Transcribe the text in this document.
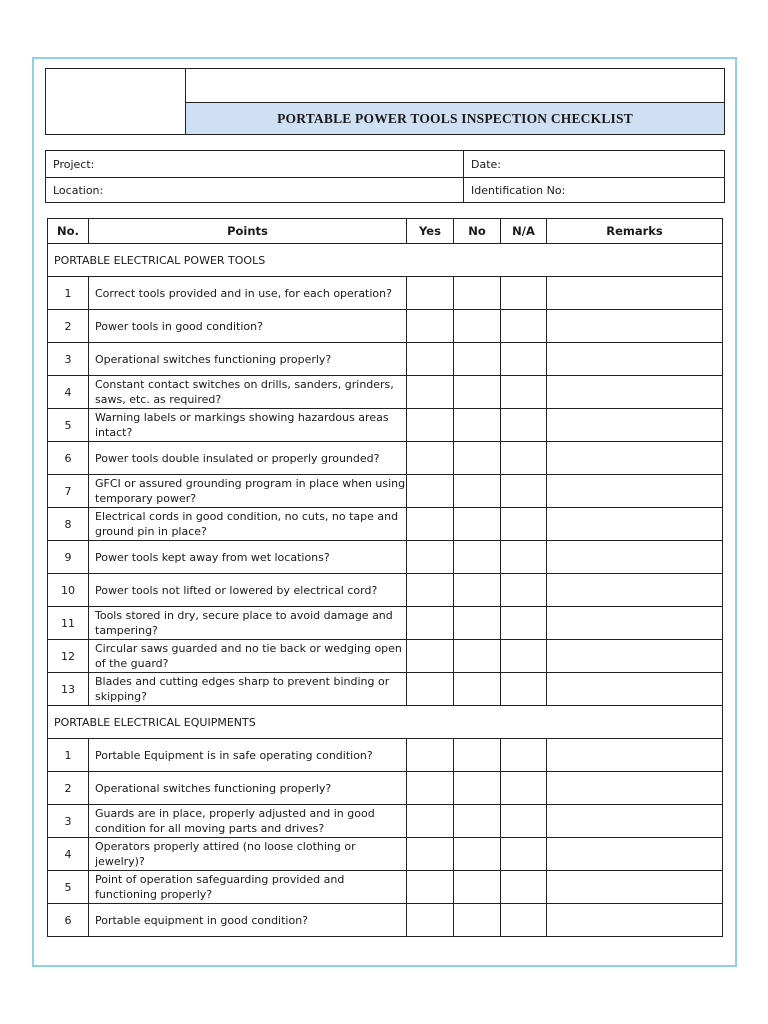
PORTABLE POWER TOOLS INSPECTION CHECKLIST
Project:	Date:
Location:	Identification No:
No.	Points	Yes	No	N/A	Remarks
PORTABLE ELECTRICAL POWER TOOLS					
1	Correct tools provided and in use, for each operation?				
2	Power tools in good condition?				
3	Operational switches functioning properly?				
4	Constant contact switches on drills, sanders, grinders, saws, etc. as required?				
5	Warning labels or markings showing hazardous areas intact?				
6	Power tools double insulated or properly grounded?				
7	GFCI or assured grounding program in place when using temporary power?				
8	Electrical cords in good condition, no cuts, no tape and ground pin in place?				
9	Power tools kept away from wet locations?				
10	Power tools not lifted or lowered by electrical cord?				
11	Tools stored in dry, secure place to avoid damage and tampering?				
12	Circular saws guarded and no tie back or wedging open of the guard?				
13	Blades and cutting edges sharp to prevent binding or skipping?				
PORTABLE ELECTRICAL EQUIPMENTS					
1	Portable Equipment is in safe operating condition?				
2	Operational switches functioning properly?				
3	Guards are in place, properly adjusted and in good condition for all moving parts and drives?				
4	Operators properly attired (no loose clothing or jewelry)?				
5	Point of operation safeguarding provided and functioning properly?				
6	Portable equipment in good condition?				
